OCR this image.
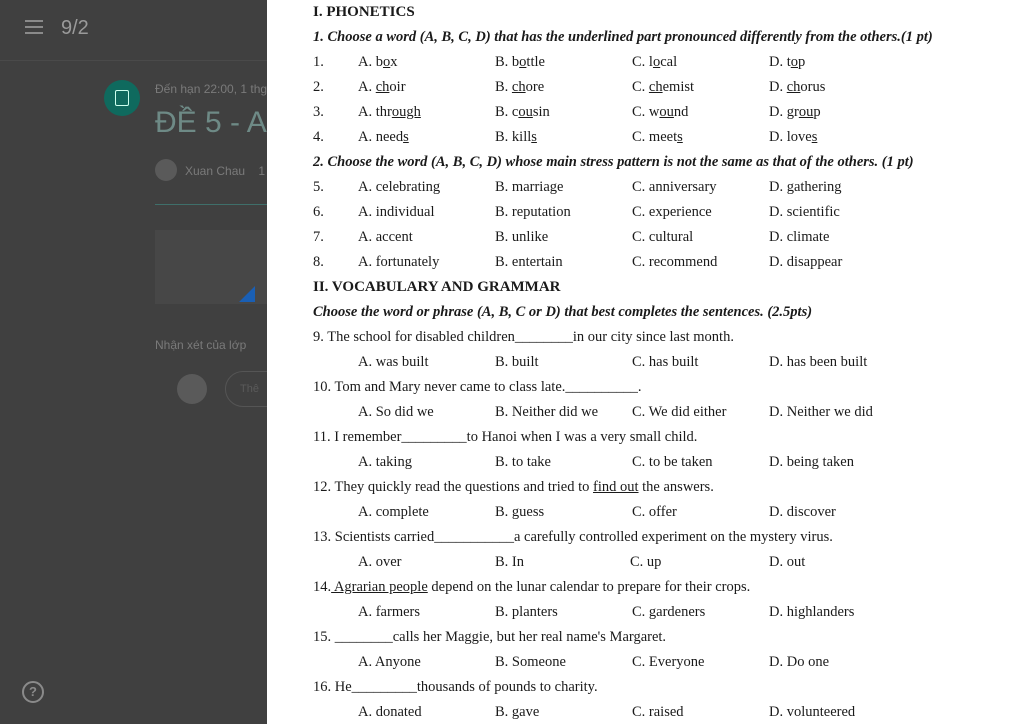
9/2
Đến hạn 22:00, 1 thg
ĐỀ 5 - A
Xuan Chau 1
Nhận xét của lớp
Thê
?
I. PHONETICS
1. Choose a word (A, B, C, D) that has the underlined part pronounced differently from the others.(1 pt)
1. A. box	B. bottle	C. local	D. top
2. A. choir	B. chore	C. chemist	D. chorus
3. A. through	B. cousin	C. wound	D. group
4. A. needs	B. kills	C. meets	D. loves
2. Choose the word (A, B, C, D) whose main stress pattern is not the same as that of the others. (1 pt)
5. A. celebrating	B. marriage	C. anniversary	D. gathering
6. A. individual	B. reputation	C. experience	D. scientific
7. A. accent	B. unlike	C. cultural	D. climate
8. A. fortunately	B. entertain	C. recommend	D. disappear
II. VOCABULARY AND GRAMMAR
Choose the word or phrase (A, B, C or D) that best completes the sentences. (2.5pts)
9. The school for disabled children________in our city since last month.
A. was built	B. built	C. has built	D. has been built
10. Tom and Mary never came to class late.__________.
A. So did we	B. Neither did we C. We did either	D. Neither we did
11. I remember_________to Hanoi when I was a very small child.
A. taking	B. to take	C. to be taken	D. being taken
12. They quickly read the questions and tried to find out the answers.
A. complete	B. guess	C. offer	D. discover
13. Scientists carried___________a carefully controlled experiment on the mystery virus.
A. over	B. In	C. up	D. out
14. Agrarian people depend on the lunar calendar to prepare for their crops.
A. farmers	B. planters	C. gardeners	D. highlanders
15. ________calls her Maggie, but her real name's Margaret.
A. Anyone	B. Someone	C. Everyone	D. Do one
16. He_________thousands of pounds to charity.
A. donated	B. gave	C. raised	D. volunteered
